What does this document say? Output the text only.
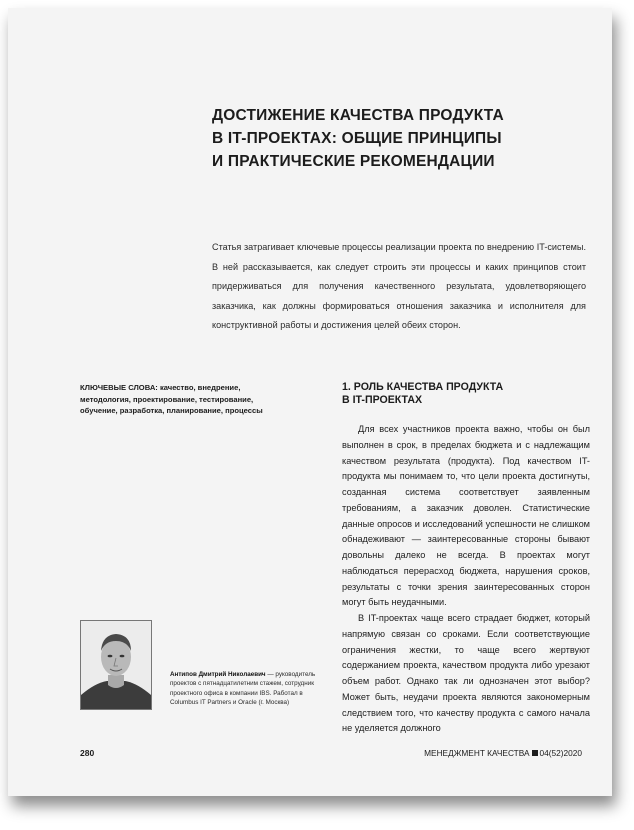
ДОСТИЖЕНИЕ КАЧЕСТВА ПРОДУКТА
В IT-ПРОЕКТАХ: ОБЩИЕ ПРИНЦИПЫ
И ПРАКТИЧЕСКИЕ РЕКОМЕНДАЦИИ

Статья затрагивает ключевые процессы реализации проекта по внедрению IT-системы. В ней рассказывается, как следует строить эти процессы и каких принципов стоит придерживаться для получения качественного результата, удовлетворяющего заказчика, как должны формироваться отношения заказчика и исполнителя для конструктивной работы и достижения целей обеих сторон.

КЛЮЧЕВЫЕ СЛОВА: качество, внедрение, методология, проектирование, тестирование, обучение, разработка, планирование, процессы

1. РОЛЬ КАЧЕСТВА ПРОДУКТА
В IT-ПРОЕКТАХ

Для всех участников проекта важно, чтобы он был выполнен в срок, в пределах бюджета и с надлежащим качеством результата (продукта). Под качеством IT-продукта мы понимаем то, что цели проекта достигнуты, созданная система соответствует заявленным требованиям, а заказчик доволен. Статистические данные опросов и исследований успешности не слишком обнадеживают — заинтересованные стороны бывают довольны далеко не всегда. В проектах могут наблюдаться перерасход бюджета, нарушения сроков, результаты с точки зрения заинтересованных сторон могут быть неудачными.

В IT-проектах чаще всего страдает бюджет, который напрямую связан со сроками. Если соответствующие ограничения жестки, то чаще всего жертвуют содержанием проекта, качеством продукта либо урезают объем работ. Однако так ли однозначен этот выбор? Может быть, неудачи проекта являются закономерным следствием того, что качеству продукта с самого начала не уделяется должного

Антипов Дмитрий Николаевич — руководитель проектов с пятнадцатилетним стажем, сотрудник проектного офиса в компании IBS. Работал в Columbus IT Partners и Oracle (г. Москва)

280	МЕНЕДЖМЕНТ КАЧЕСТВА 04(52)2020
